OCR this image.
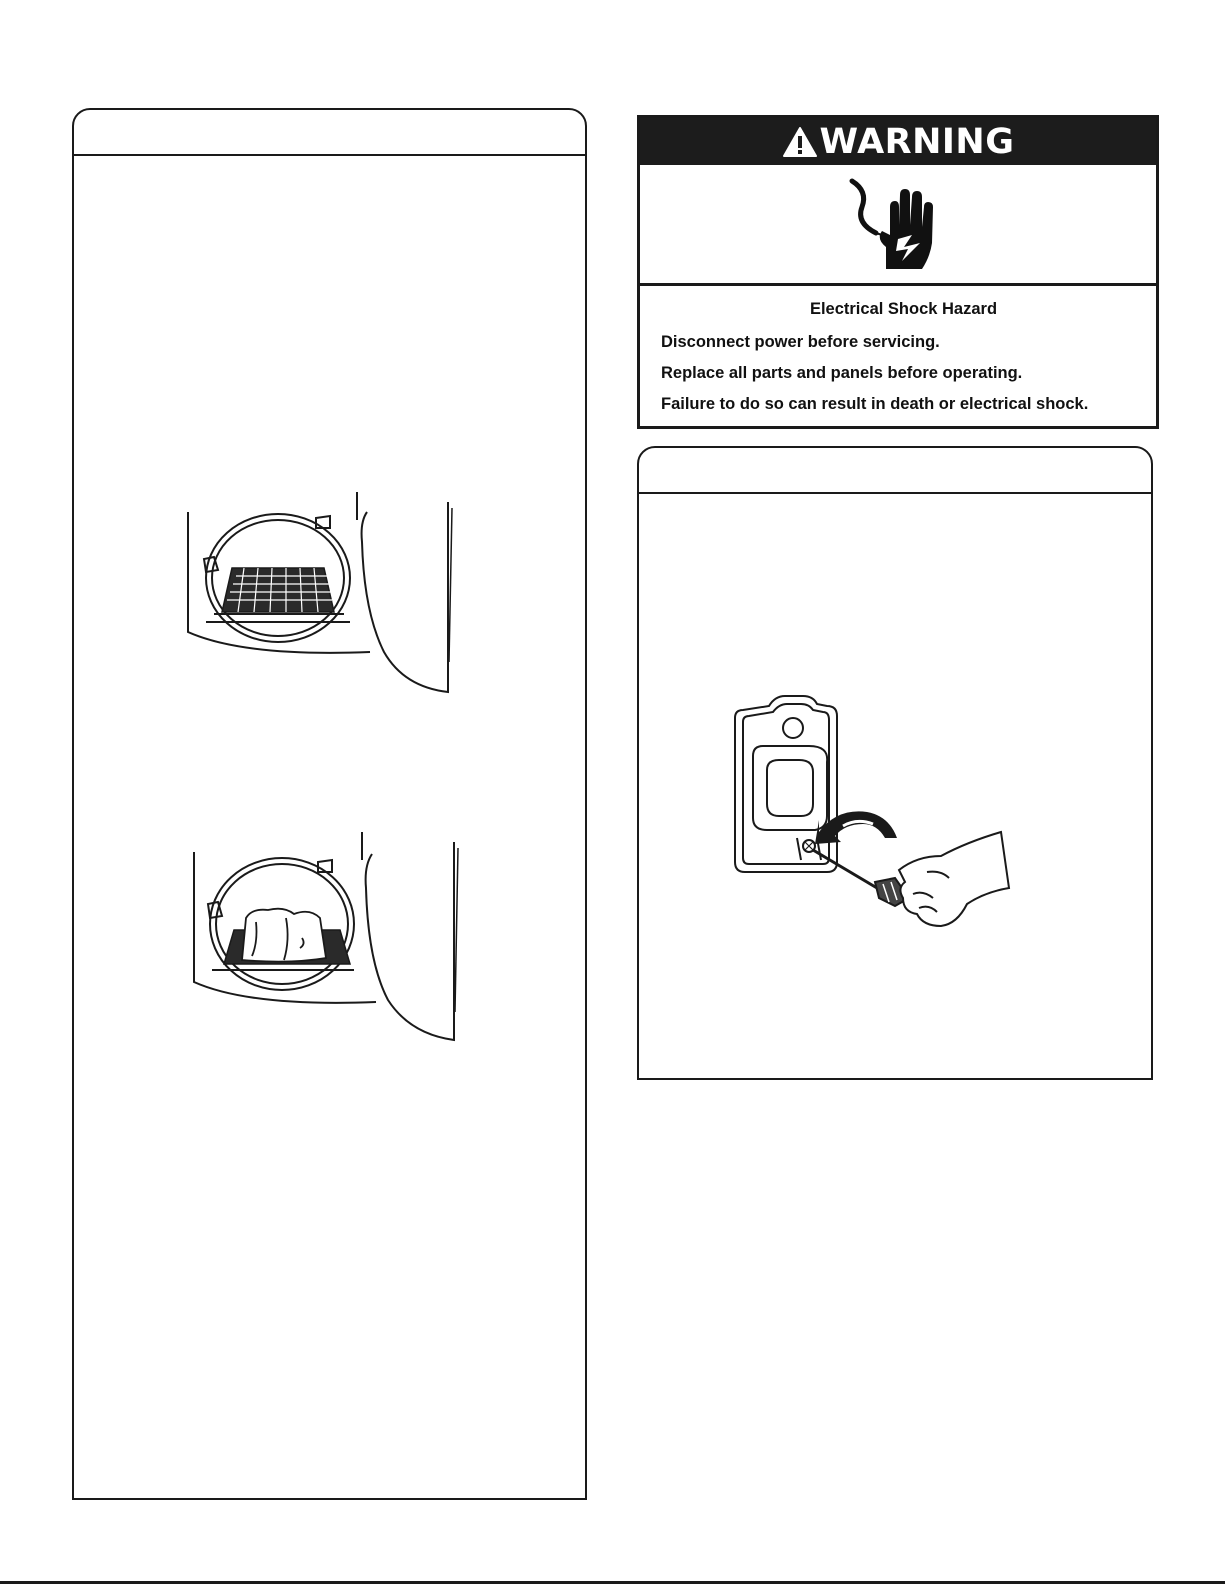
WARNING

Electrical Shock Hazard

Disconnect power before servicing.

Replace all parts and panels before operating.

Failure to do so can result in death or electrical shock.
